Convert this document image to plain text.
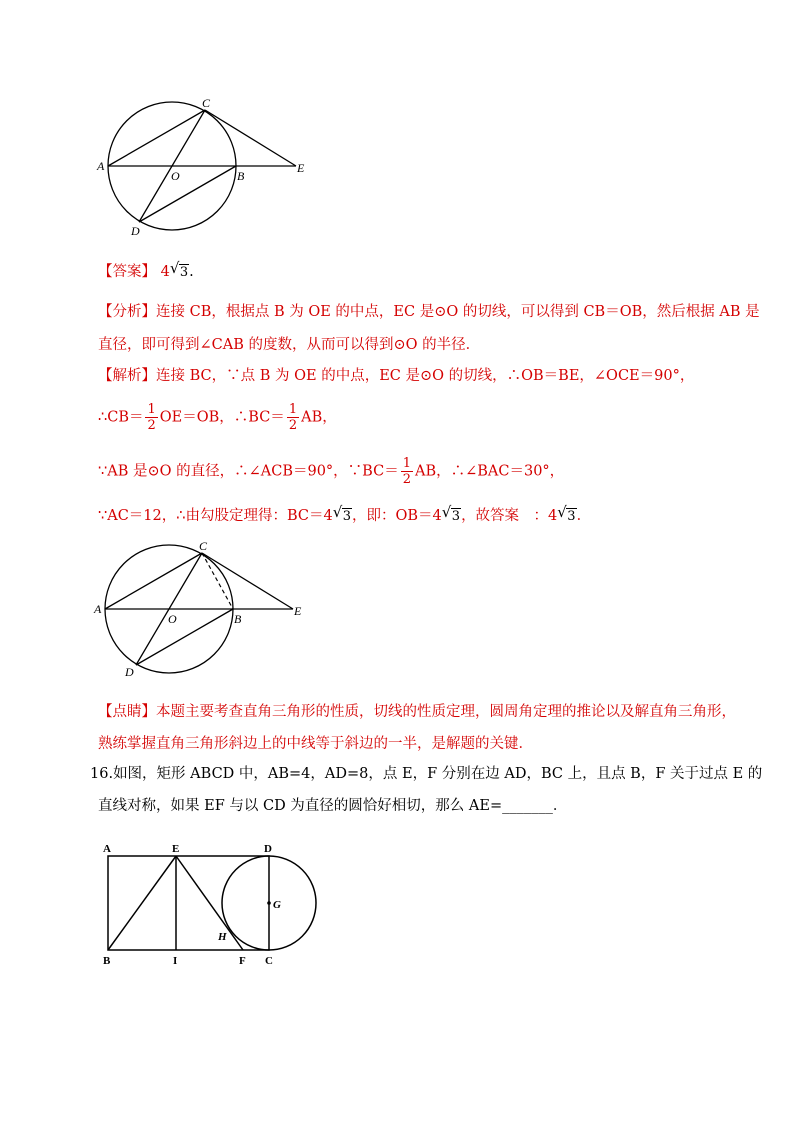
C
A
O	B
E
D
【答案】 4 √ 3.
【分析】连接 CB，根据点 B 为 OE 的中点，EC 是⊙O 的切线，可以得到 CB＝OB，然后根据 AB 是
直径，即可得到∠CAB 的度数，从而可以得到⊙O 的半径．
【解析】连接 BC，∵点 B 为 OE 的中点，EC 是⊙O 的切线，∴OB＝BE，∠OCE＝90°，
∴CB＝ $\frac{1}{2} OE=OB$，∴BC＝ $\frac{1}{2}$ AB，
∵AB 是⊙O 的直径，∴∠ACB＝90°，∵BC＝ $\frac{1}{2}$ AB，∴∠BAC＝30°，
∵AC＝12，∴由勾股定理得：BC＝4 √ 3，即：OB＝4 √ 3，故答案　：4 √ 3．
C
A
O	B
E
D
【点睛】本题主要考查直角三角形的性质，切线的性质定理，圆周角定理的推论以及解直角三角形，
熟练掌握直角三角形斜边上的中线等于斜边的一半，是解题的关键．
16.如图，矩形 ABCD 中，AB=4，AD=8，点 E，F 分别在边 AD，BC 上，且点 B，F 关于过点 E 的
直线对称，如果 EF 与以 CD 为直径的圆恰好相切，那么 AE=_______．
A	E	D
G
H
B	I	F C
